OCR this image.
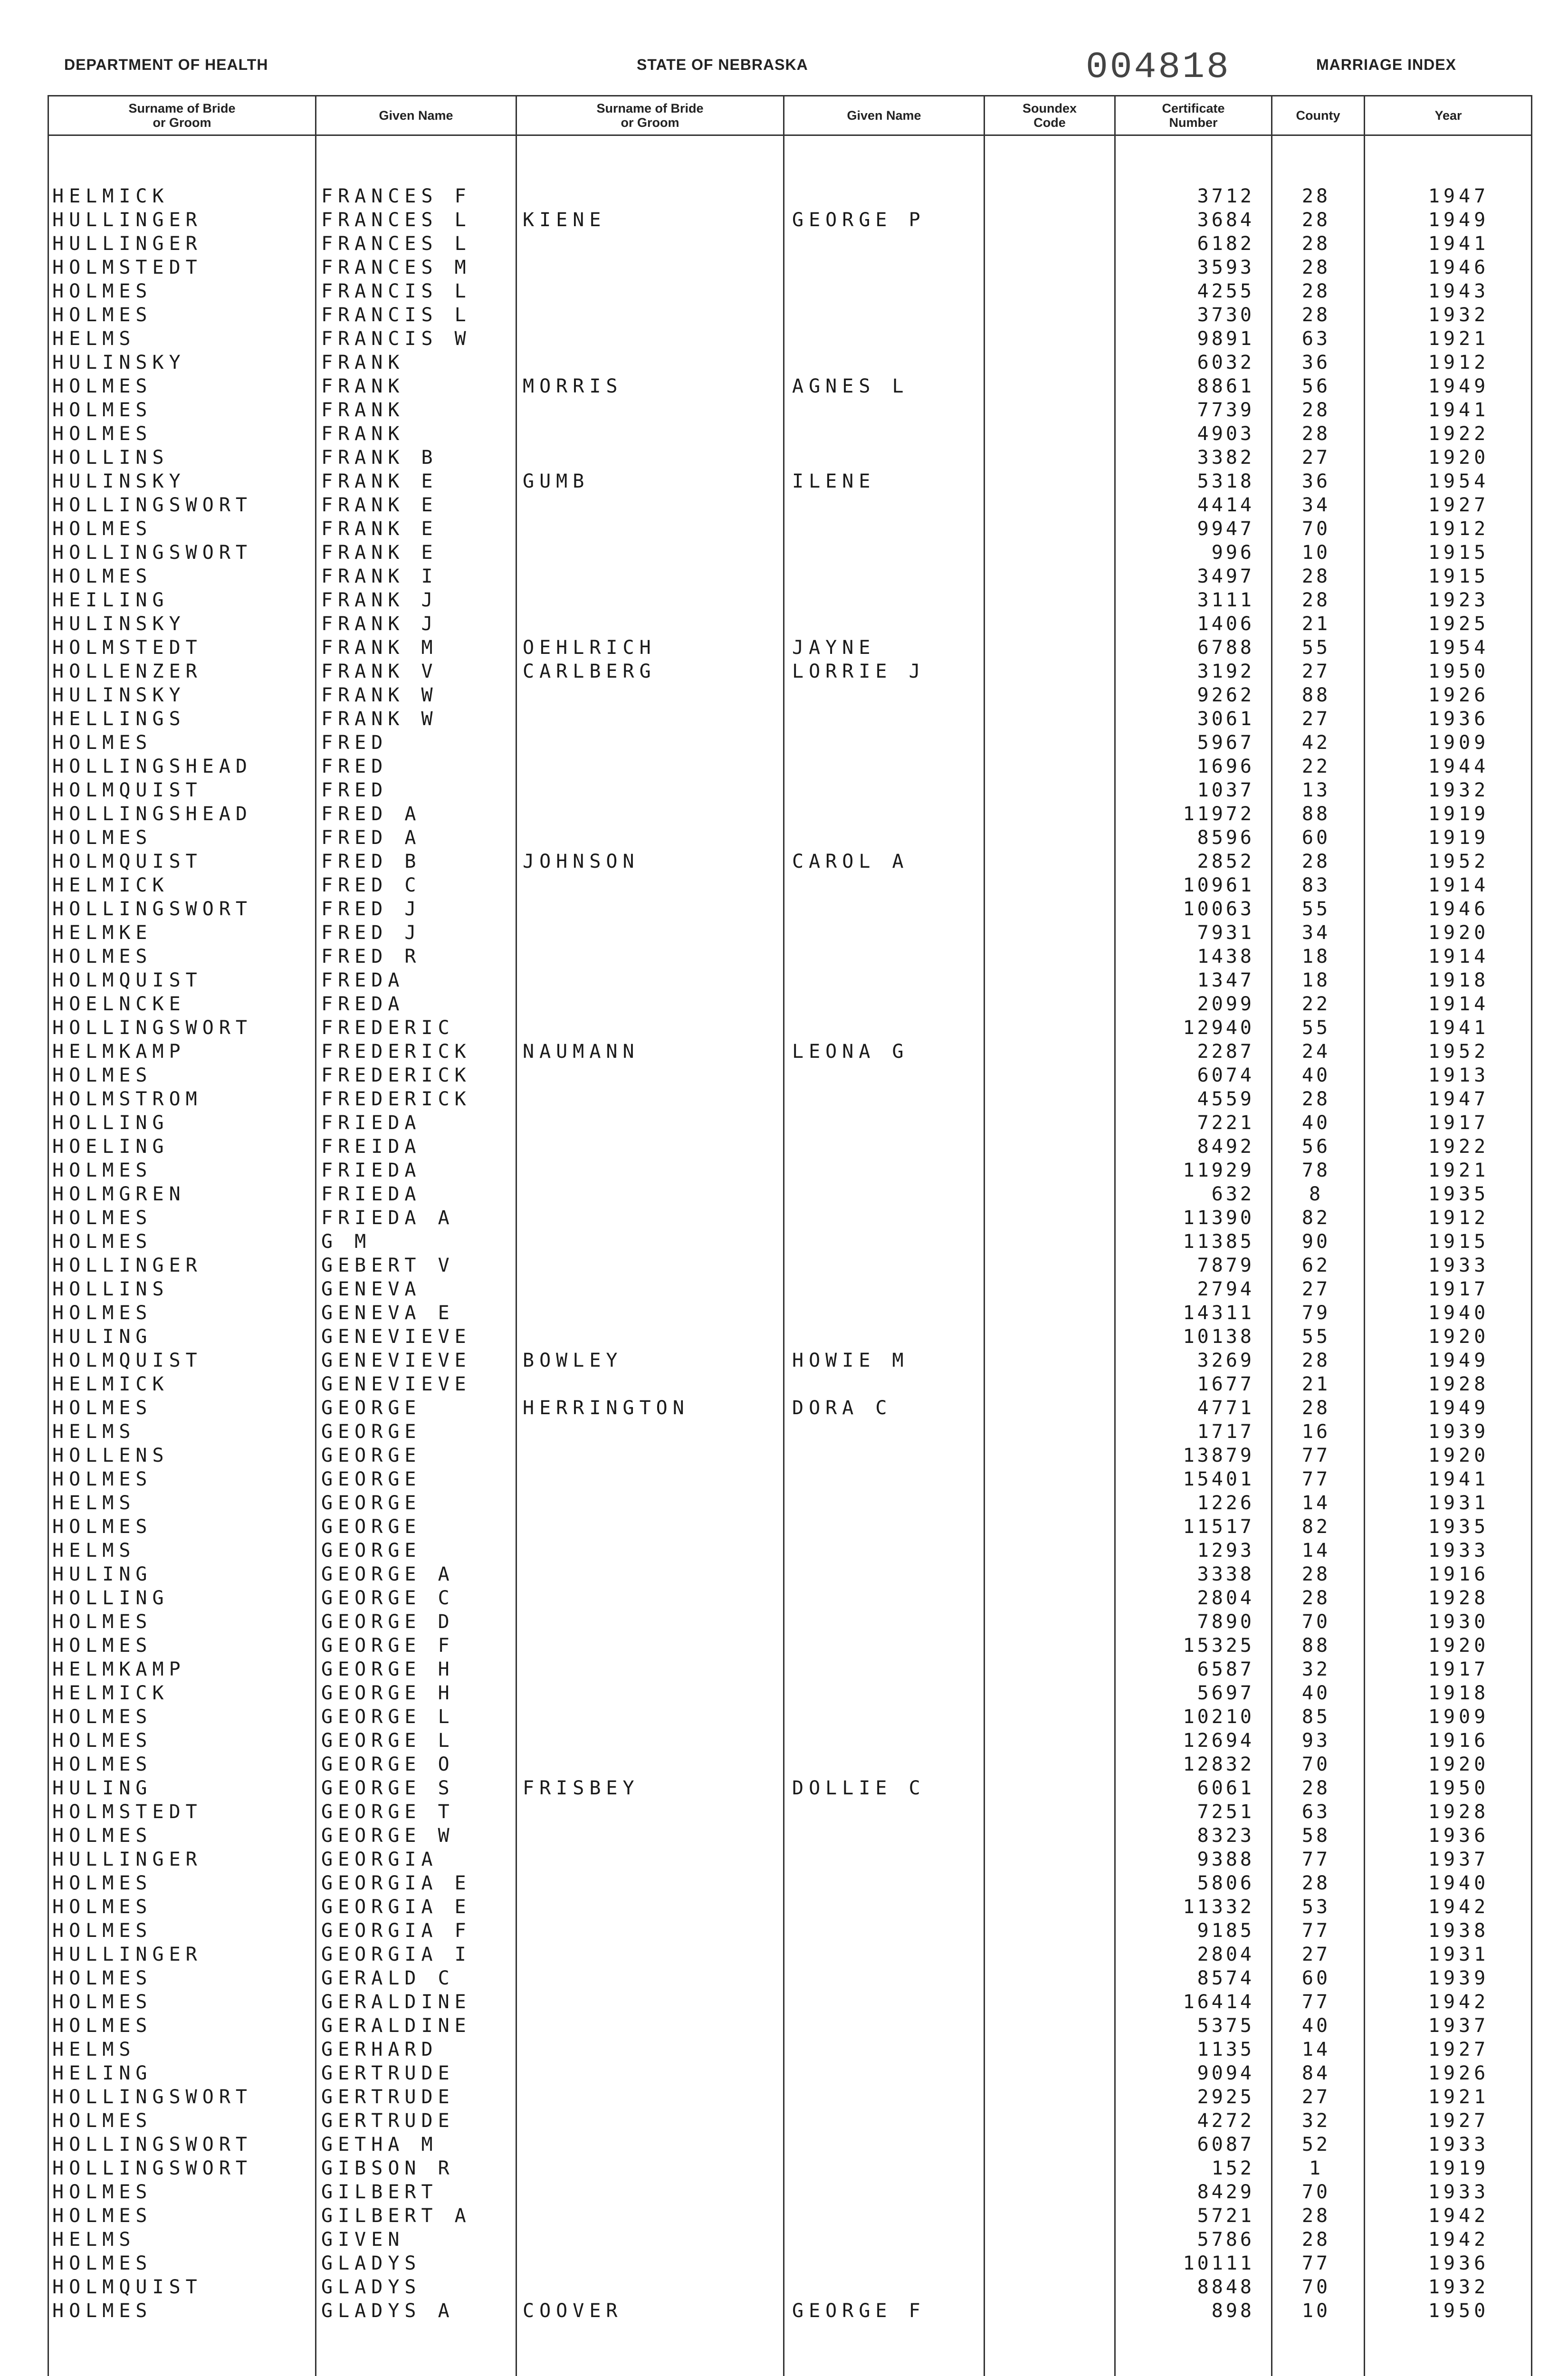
DEPARTMENT OF HEALTH	STATE OF NEBRASKA	004818	MARRIAGE INDEX
Surname of Bride
or Groom	Given Name	Surname of Bride
or Groom	Given Name	Soundex
Code
Certificate
Number	County	Year
HELMICK	FRANCES F	3712	28	1947
HULLINGER	FRANCES L	KIENE	GEORGE P	3684	28	1949
HULLINGER	FRANCES L	6182	28	1941
HOLMSTEDT	FRANCES M	3593	28	1946
HOLMES	FRANCIS L	4255	28	1943
HOLMES	FRANCIS L	3730	28	1932
HELMS	FRANCIS W	9891	63	1921
HULINSKY	FRANK	6032	36	1912
HOLMES	FRANK	MORRIS	AGNES L	8861	56	1949
HOLMES	FRANK	7739	28	1941
HOLMES	FRANK	4903	28	1922
HOLLINS	FRANK B	3382	27	1920
HULINSKY	FRANK E	GUMB	ILENE	5318	36	1954
HOLLINGSWORT	FRANK E	4414	34	1927
HOLMES	FRANK E	9947	70	1912
HOLLINGSWORT	FRANK E	996	10	1915
HOLMES	FRANK I	3497	28	1915
HEILING	FRANK J	3111	28	1923
HULINSKY	FRANK J	1406	21	1925
HOLMSTEDT	FRANK M	OEHLRICH	JAYNE	6788	55	1954
HOLLENZER	FRANK V	CARLBERG	LORRIE J	3192	27	1950
HULINSKY	FRANK W	9262	88	1926
HELLINGS	FRANK W	3061	27	1936
HOLMES	FRED	5967	42	1909
HOLLINGSHEAD	FRED	1696	22	1944
HOLMQUIST	FRED	1037	13	1932
HOLLINGSHEAD	FRED A	11972	88	1919
HOLMES	FRED A	8596	60	1919
HOLMQUIST	FRED B	JOHNSON	CAROL A	2852	28	1952
HELMICK	FRED C	10961	83	1914
HOLLINGSWORT	FRED J	10063	55	1946
HELMKE	FRED J	7931	34	1920
HOLMES	FRED R	1438	18	1914
HOLMQUIST	FREDA	1347	18	1918
HOELNCKE	FREDA	2099	22	1914
HOLLINGSWORT	FREDERIC	12940	55	1941
HELMKAMP	FREDERICK	NAUMANN	LEONA G	2287	24	1952
HOLMES	FREDERICK	6074	40	1913
HOLMSTROM	FREDERICK	4559	28	1947
HOLLING	FRIEDA	7221	40	1917
HOELING	FREIDA	8492	56	1922
HOLMES	FRIEDA	11929	78	1921
HOLMGREN	FRIEDA	632	8	1935
HOLMES	FRIEDA A	11390	82	1912
HOLMES	G M	11385	90	1915
HOLLINGER	GEBERT V	7879	62	1933
HOLLINS	GENEVA	2794	27	1917
HOLMES	GENEVA E	14311	79	1940
HULING	GENEVIEVE	10138	55	1920
HOLMQUIST	GENEVIEVE	BOWLEY	HOWIE M	3269	28	1949
HELMICK	GENEVIEVE	1677	21	1928
HOLMES	GEORGE	HERRINGTON	DORA C	4771	28	1949
HELMS	GEORGE	1717	16	1939
HOLLENS	GEORGE	13879	77	1920
HOLMES	GEORGE	15401	77	1941
HELMS	GEORGE	1226	14	1931
HOLMES	GEORGE	11517	82	1935
HELMS	GEORGE	1293	14	1933
HULING	GEORGE A	3338	28	1916
HOLLING	GEORGE C	2804	28	1928
HOLMES	GEORGE D	7890	70	1930
HOLMES	GEORGE F	15325	88	1920
HELMKAMP	GEORGE H	6587	32	1917
HELMICK	GEORGE H	5697	40	1918
HOLMES	GEORGE L	10210	85	1909
HOLMES	GEORGE L	12694	93	1916
HOLMES	GEORGE O	12832	70	1920
HULING	GEORGE S	FRISBEY	DOLLIE C	6061	28	1950
HOLMSTEDT	GEORGE T	7251	63	1928
HOLMES	GEORGE W	8323	58	1936
HULLINGER	GEORGIA	9388	77	1937
HOLMES	GEORGIA E	5806	28	1940
HOLMES	GEORGIA E	11332	53	1942
HOLMES	GEORGIA F	9185	77	1938
HULLINGER	GEORGIA I	2804	27	1931
HOLMES	GERALD C	8574	60	1939
HOLMES	GERALDINE	16414	77	1942
HOLMES	GERALDINE	5375	40	1937
HELMS	GERHARD	1135	14	1927
HELING	GERTRUDE	9094	84	1926
HOLLINGSWORT	GERTRUDE	2925	27	1921
HOLMES	GERTRUDE	4272	32	1927
HOLLINGSWORT	GETHA M	6087	52	1933
HOLLINGSWORT	GIBSON R	152	1	1919
HOLMES	GILBERT	8429	70	1933
HOLMES	GILBERT A	5721	28	1942
HELMS	GIVEN	5786	28	1942
HOLMES	GLADYS	10111	77	1936
HOLMQUIST	GLADYS	8848	70	1932
HOLMES	GLADYS A	COOVER	GEORGE F	898	10	1950
